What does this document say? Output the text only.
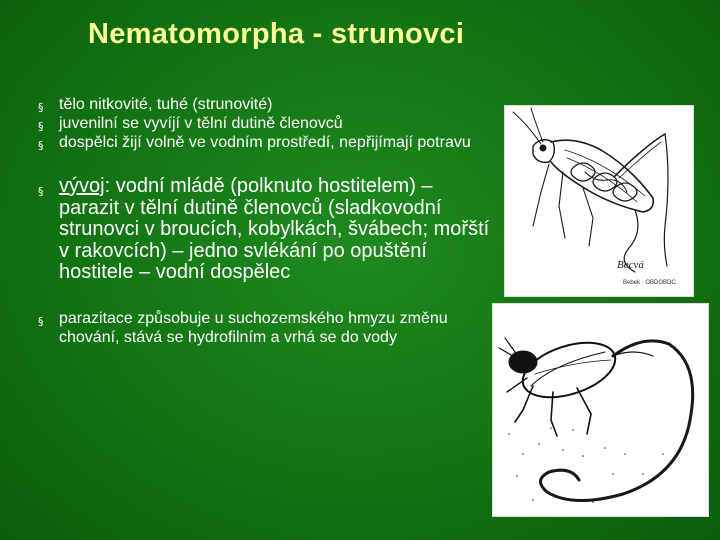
Nematomorpha - strunovci
§ tělo nitkovité, tuhé (strunovité)
§ juvenilní se vyvíjí v tělní dutině členovců
§ dospělci žijí volně ve vodním prostředí, nepřijímají potravu
§ vývoj: vodní mládě (polknuto hostitelem) – parazit v tělní dutině členovců (sladkovodní strunovci v broucích, kobylkách, švábech; mořští v rakovcích) – jedno svlékání po opuštění hostitele – vodní dospělec
§ parazitace způsobuje u suchozemského hmyzu změnu chování, stává se hydrofilním a vrhá se do vody
Becvá
Bebek · OBDOBDC
